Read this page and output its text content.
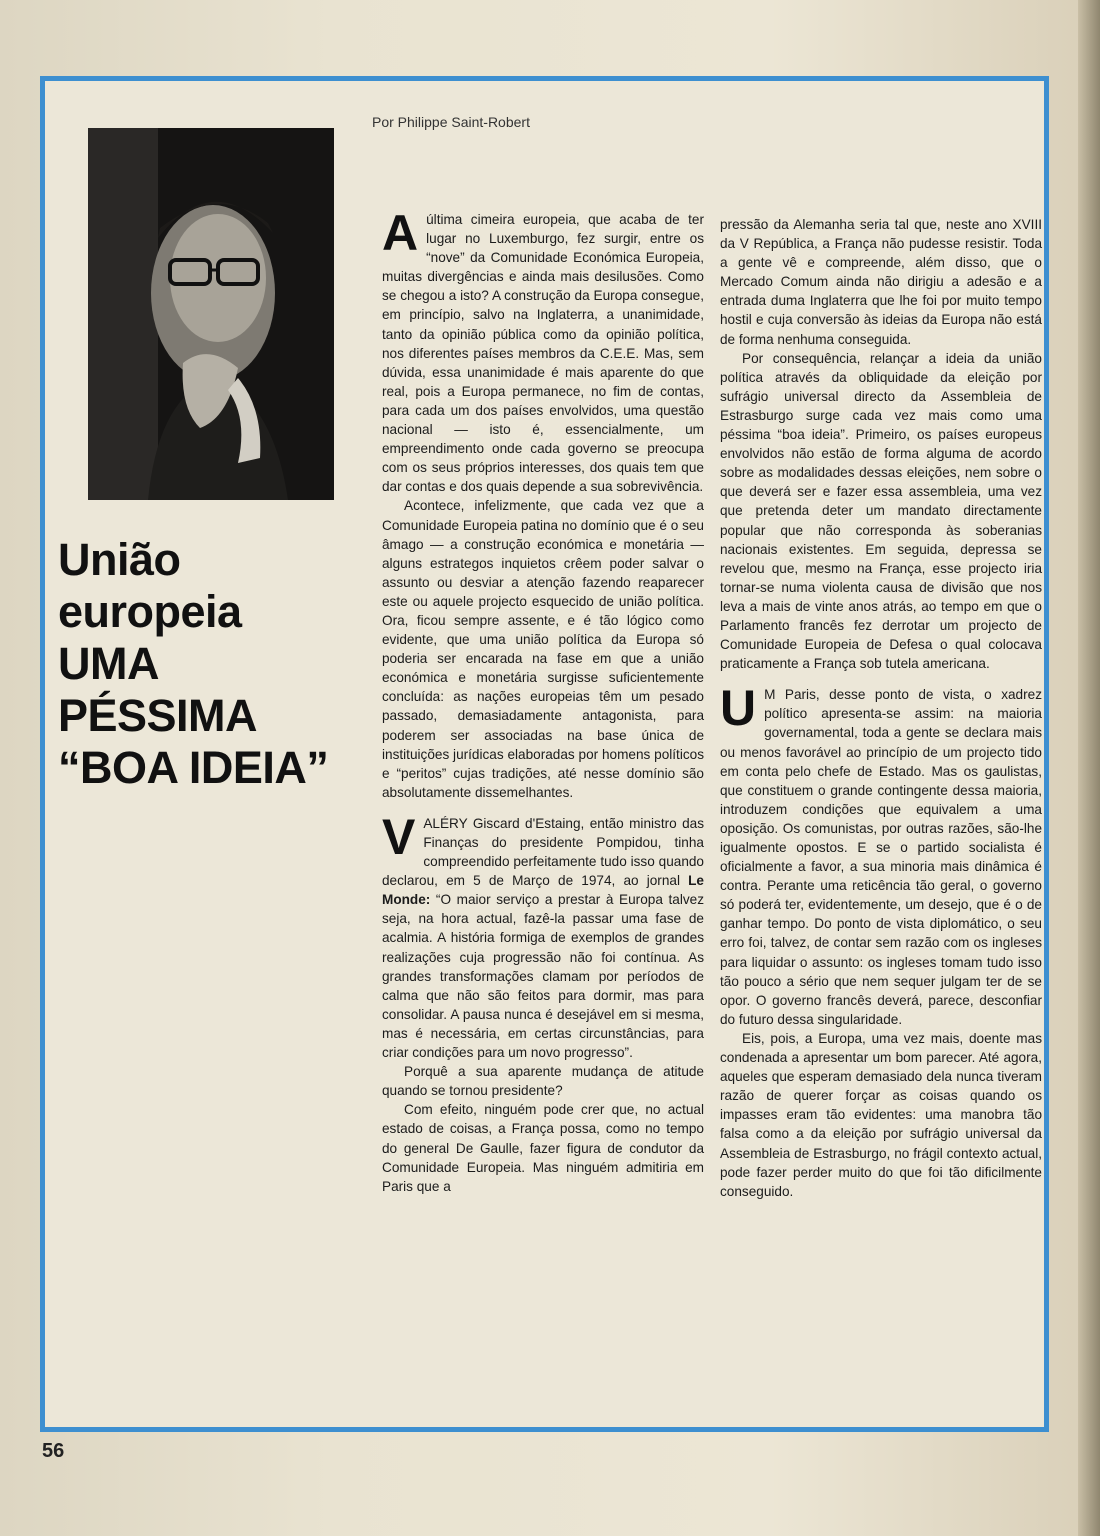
Por Philippe Saint-Robert
União
europeia
UMA
PÉSSIMA
“BOA IDEIA”

A última cimeira europeia, que acaba de ter lugar no Luxemburgo, fez surgir, entre os “nove” da Comunidade Económica Europeia, muitas divergências e ainda mais desilusões. Como se chegou a isto? A construção da Europa consegue, em princípio, salvo na Inglaterra, a unanimidade, tanto da opinião pública como da opinião política, nos diferentes países membros da C.E.E. Mas, sem dúvida, essa unanimidade é mais aparente do que real, pois a Europa permanece, no fim de contas, para cada um dos países envolvidos, uma questão nacional — isto é, essencialmente, um empreendimento onde cada governo se preocupa com os seus próprios interesses, dos quais tem que dar contas e dos quais depende a sua sobrevivência.

Acontece, infelizmente, que cada vez que a Comunidade Europeia patina no domínio que é o seu âmago — a construção económica e monetária — alguns estrategos inquietos crêem poder salvar o assunto ou desviar a atenção fazendo reaparecer este ou aquele projecto esquecido de união política. Ora, ficou sempre assente, e é tão lógico como evidente, que uma união política da Europa só poderia ser encarada na fase em que a união económica e monetária surgisse suficientemente concluída: as nações europeias têm um pesado passado, demasiadamente antagonista, para poderem ser associadas na base única de instituições jurídicas elaboradas por homens políticos e “peritos” cujas tradições, até nesse domínio são absolutamente dissemelhantes.

V ALÉRY Giscard d'Estaing, então ministro das Finanças do presidente Pompidou, tinha compreendido perfeitamente tudo isso quando declarou, em 5 de Março de 1974, ao jornal Le Monde: “O maior serviço a prestar à Europa talvez seja, na hora actual, fazê-la passar uma fase de acalmia. A história formiga de exemplos de grandes realizações cuja progressão não foi contínua. As grandes transformações clamam por períodos de calma que não são feitos para dormir, mas para consolidar. A pausa nunca é desejável em si mesma, mas é necessária, em certas circunstâncias, para criar condições para um novo progresso”.

Porquê a sua aparente mudança de atitude quando se tornou presidente?

Com efeito, ninguém pode crer que, no actual estado de coisas, a França possa, como no tempo do general De Gaulle, fazer figura de condutor da Comunidade Europeia. Mas ninguém admitiria em Paris que a

pressão da Alemanha seria tal que, neste ano XVIII da V República, a França não pudesse resistir. Toda a gente vê e compreende, além disso, que o Mercado Comum ainda não dirigiu a adesão e a entrada duma Inglaterra que lhe foi por muito tempo hostil e cuja conversão às ideias da Europa não está de forma nenhuma conseguida.

Por consequência, relançar a ideia da união política através da obliquidade da eleição por sufrágio universal directo da Assembleia de Estrasburgo surge cada vez mais como uma péssima “boa ideia”. Primeiro, os países europeus envolvidos não estão de forma alguma de acordo sobre as modalidades dessas eleições, nem sobre o que deverá ser e fazer essa assembleia, uma vez que pretenda deter um mandato directamente popular que não corresponda às soberanias nacionais existentes. Em seguida, depressa se revelou que, mesmo na França, esse projecto iria tornar-se numa violenta causa de divisão que nos leva a mais de vinte anos atrás, ao tempo em que o Parlamento francês fez derrotar um projecto de Comunidade Europeia de Defesa o qual colocava praticamente a França sob tutela americana.

U M Paris, desse ponto de vista, o xadrez político apresenta-se assim: na maioria governamental, toda a gente se declara mais ou menos favorável ao princípio de um projecto tido em conta pelo chefe de Estado. Mas os gaulistas, que constituem o grande contingente dessa maioria, introduzem condições que equivalem a uma oposição. Os comunistas, por outras razões, são-lhe igualmente opostos. E se o partido socialista é oficialmente a favor, a sua minoria mais dinâmica é contra. Perante uma reticência tão geral, o governo só poderá ter, evidentemente, um desejo, que é o de ganhar tempo. Do ponto de vista diplomático, o seu erro foi, talvez, de contar sem razão com os ingleses para liquidar o assunto: os ingleses tomam tudo isso tão pouco a sério que nem sequer julgam ter de se opor. O governo francês deverá, parece, desconfiar do futuro dessa singularidade.

Eis, pois, a Europa, uma vez mais, doente mas condenada a apresentar um bom parecer. Até agora, aqueles que esperam demasiado dela nunca tiveram razão de querer forçar as coisas quando os impasses eram tão evidentes: uma manobra tão falsa como a da eleição por sufrágio universal da Assembleia de Estrasburgo, no frágil contexto actual, pode fazer perder muito do que foi tão dificilmente conseguido.

56
